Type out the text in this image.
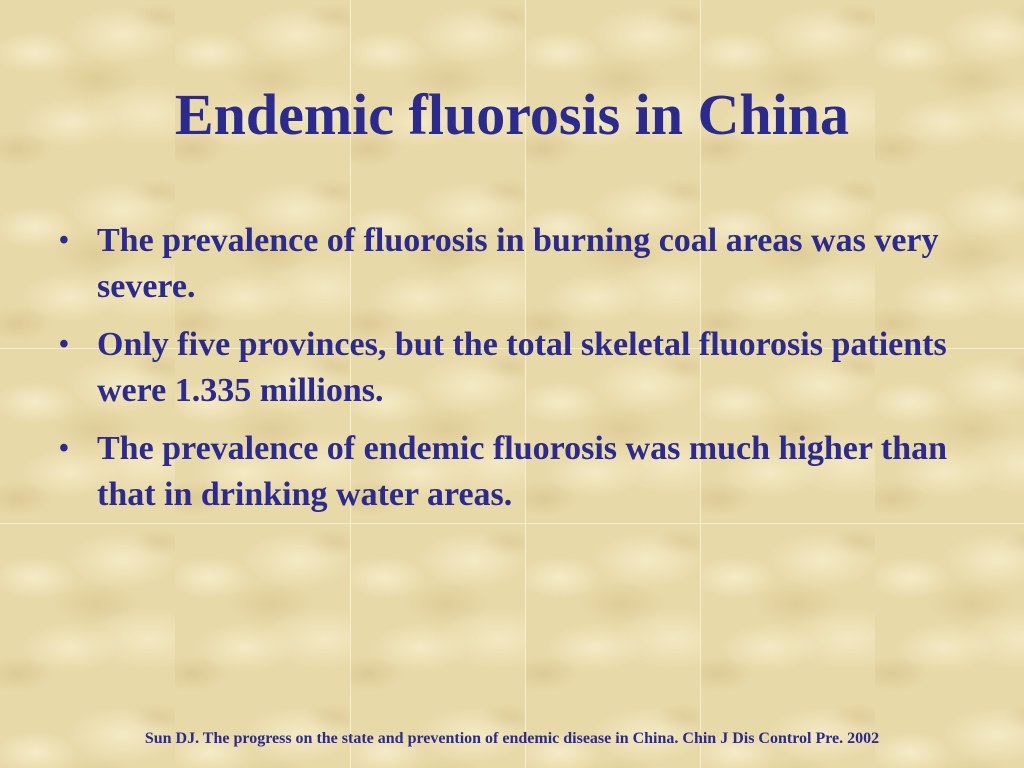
Endemic fluorosis in China
• The prevalence of fluorosis in burning coal areas was very severe.
• Only five provinces, but the total skeletal fluorosis patients were 1.335 millions.
• The prevalence of endemic fluorosis was much higher than that in drinking water areas.
Sun DJ. The progress on the state and prevention of endemic disease in China. Chin J Dis Control Pre. 2002
